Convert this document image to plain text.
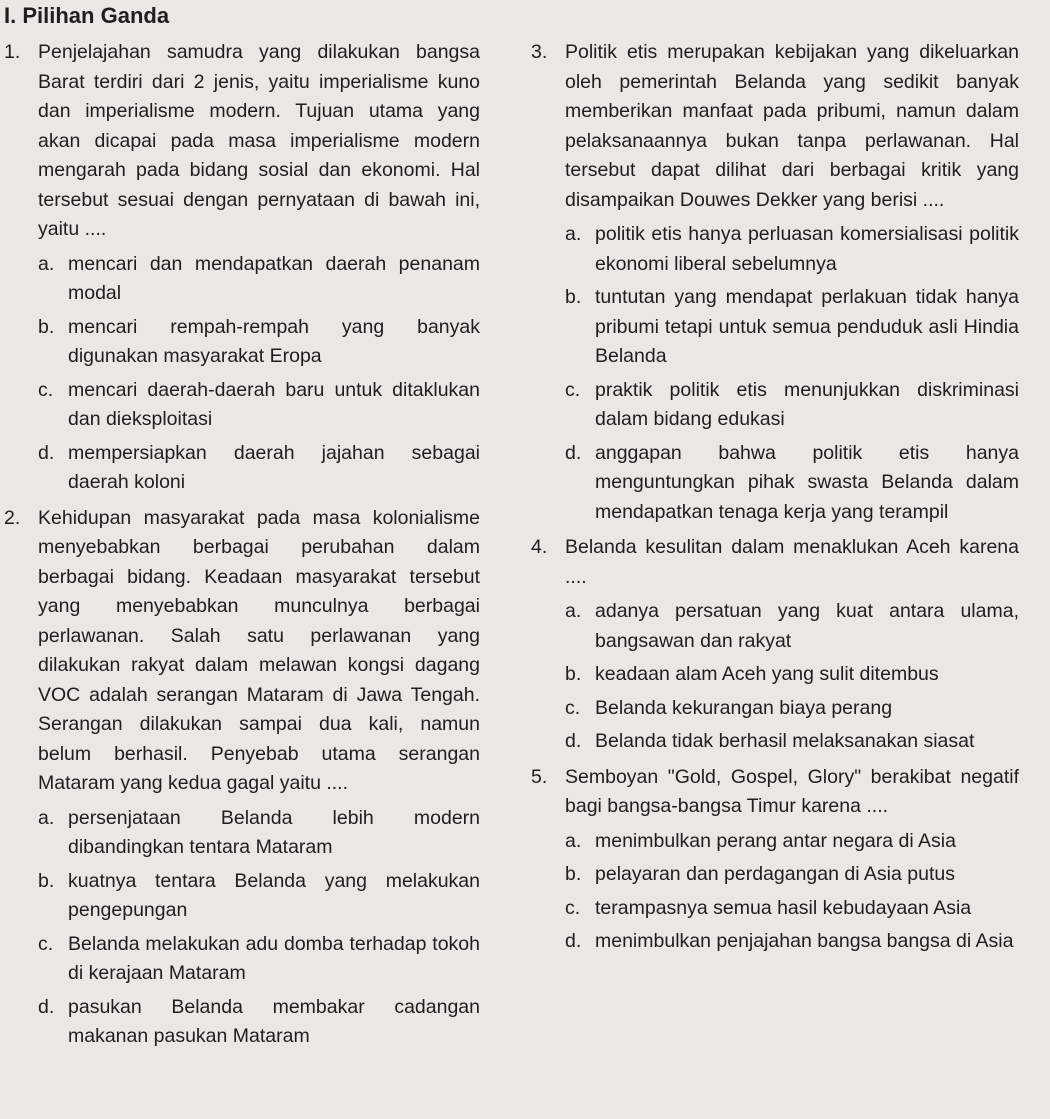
I. Pilihan Ganda
1. Penjelajahan samudra yang dilakukan bangsa Barat terdiri dari 2 jenis, yaitu imperialisme kuno dan imperialisme modern. Tujuan utama yang akan dicapai pada masa imperialisme modern mengarah pada bidang sosial dan ekonomi. Hal tersebut sesuai dengan pernyataan di bawah ini, yaitu ....
a. mencari dan mendapatkan daerah penanam modal
b. mencari rempah-rempah yang banyak digunakan masyarakat Eropa
c. mencari daerah-daerah baru untuk ditaklukan dan dieksploitasi
d. mempersiapkan daerah jajahan sebagai daerah koloni
2. Kehidupan masyarakat pada masa kolonialisme menyebabkan berbagai perubahan dalam berbagai bidang. Keadaan masyarakat tersebut yang menyebabkan munculnya berbagai perlawanan. Salah satu perlawanan yang dilakukan rakyat dalam melawan kongsi dagang VOC adalah serangan Mataram di Jawa Tengah. Serangan dilakukan sampai dua kali, namun belum berhasil. Penyebab utama serangan Mataram yang kedua gagal yaitu ....
a. persenjataan Belanda lebih modern dibandingkan tentara Mataram
b. kuatnya tentara Belanda yang melakukan pengepungan
c. Belanda melakukan adu domba terhadap tokoh di kerajaan Mataram
d. pasukan Belanda membakar cadangan makanan pasukan Mataram
3. Politik etis merupakan kebijakan yang dikeluarkan oleh pemerintah Belanda yang sedikit banyak memberikan manfaat pada pribumi, namun dalam pelaksanaannya bukan tanpa perlawanan. Hal tersebut dapat dilihat dari berbagai kritik yang disampaikan Douwes Dekker yang berisi ....
a. politik etis hanya perluasan komersialisasi politik ekonomi liberal sebelumnya
b. tuntutan yang mendapat perlakuan tidak hanya pribumi tetapi untuk semua penduduk asli Hindia Belanda
c. praktik politik etis menunjukkan diskriminasi dalam bidang edukasi
d. anggapan bahwa politik etis hanya menguntungkan pihak swasta Belanda dalam mendapatkan tenaga kerja yang terampil
4. Belanda kesulitan dalam menaklukan Aceh karena ....
a. adanya persatuan yang kuat antara ulama, bangsawan dan rakyat
b. keadaan alam Aceh yang sulit ditembus
c. Belanda kekurangan biaya perang
d. Belanda tidak berhasil melaksanakan siasat
5. Semboyan "Gold, Gospel, Glory" berakibat negatif bagi bangsa-bangsa Timur karena ....
a. menimbulkan perang antar negara di Asia
b. pelayaran dan perdagangan di Asia putus
c. terampasnya semua hasil kebudayaan Asia
d. menimbulkan penjajahan bangsa bangsa di Asia
